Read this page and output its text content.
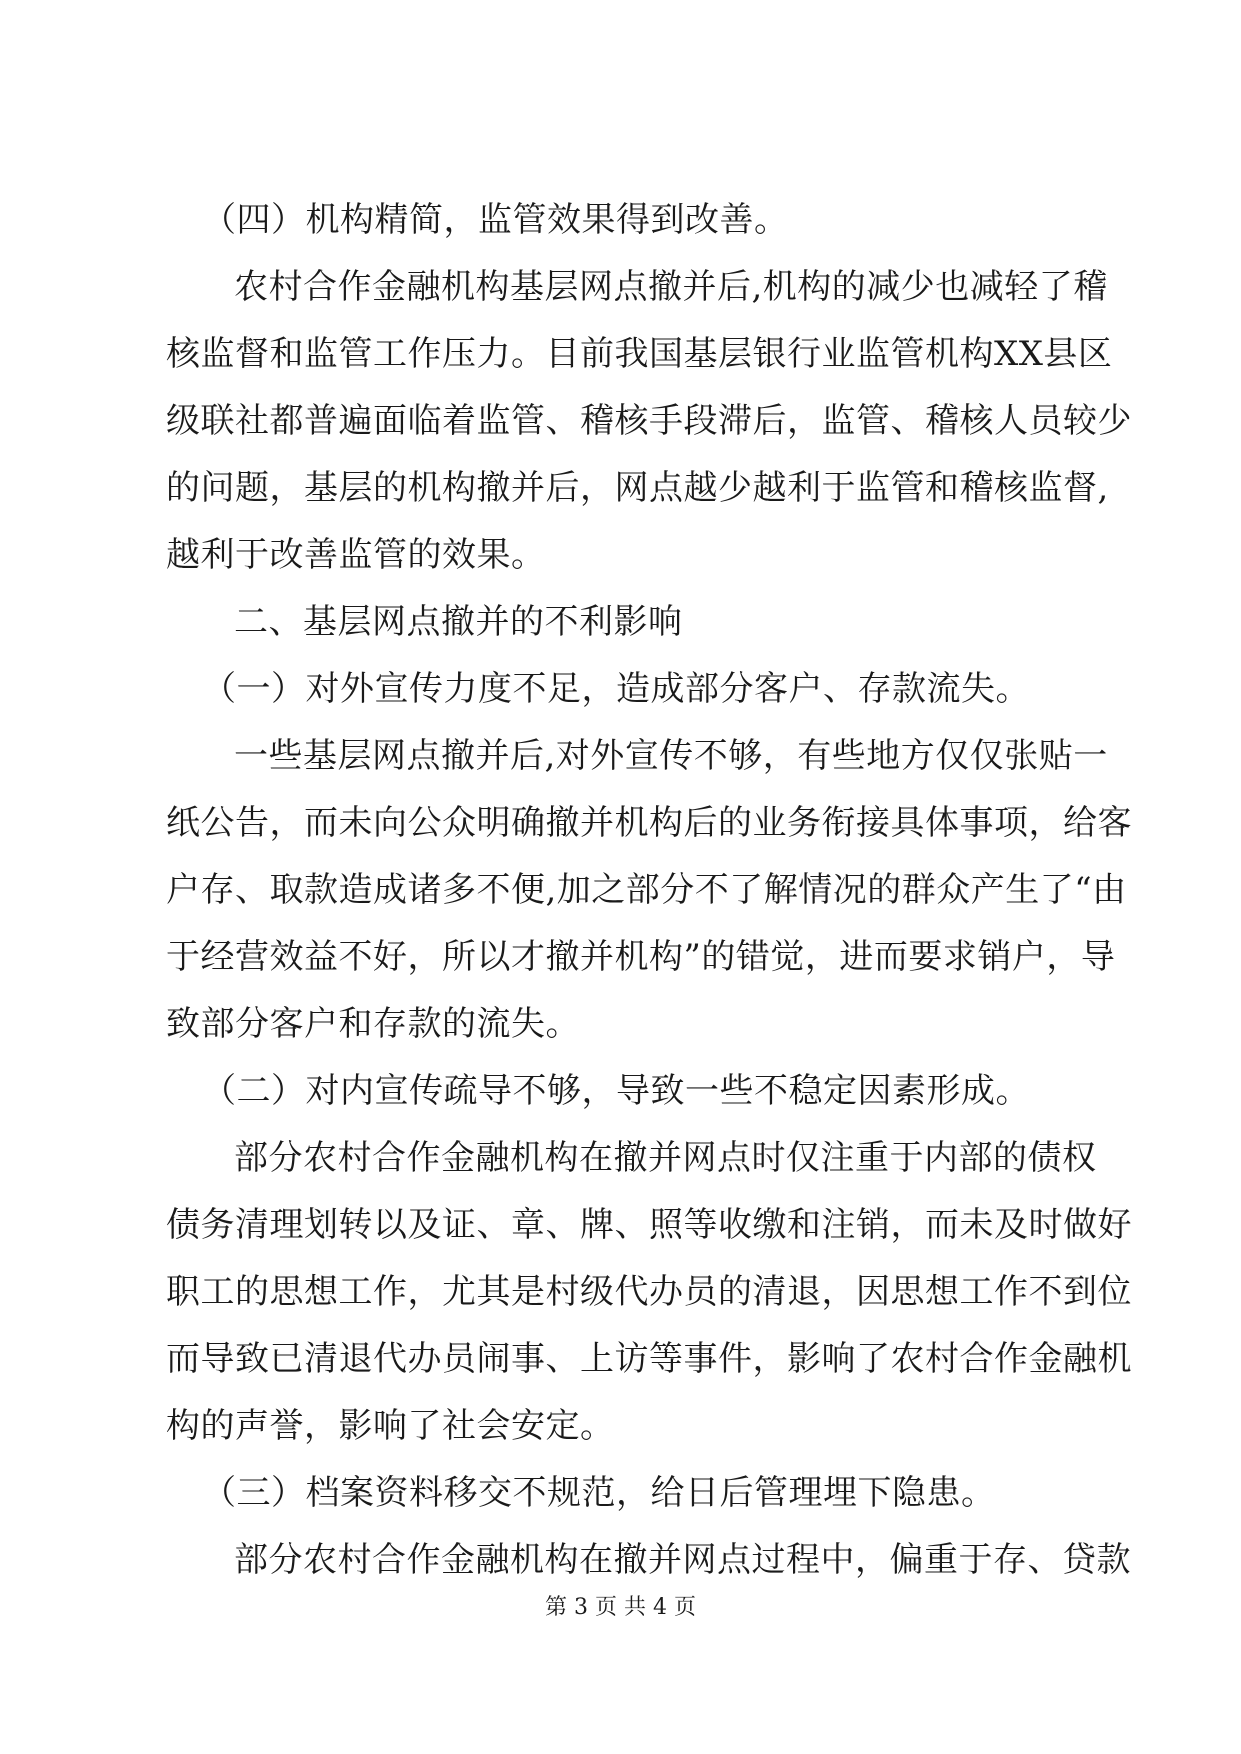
（四）机构精简，监管效果得到改善。
农村合作金融机构基层网点撤并后,机构的减少也减轻了稽
核监督和监管工作压力。目前我国基层银行业监管机构XX县区
级联社都普遍面临着监管、稽核手段滞后，监管、稽核人员较少
的问题，基层的机构撤并后，网点越少越利于监管和稽核监督,
越利于改善监管的效果。
二、基层网点撤并的不利影响
（一）对外宣传力度不足，造成部分客户、存款流失。
一些基层网点撤并后,对外宣传不够，有些地方仅仅张贴一
纸公告，而未向公众明确撤并机构后的业务衔接具体事项，给客
户存、取款造成诸多不便,加之部分不了解情况的群众产生了“由
于经营效益不好，所以才撤并机构”的错觉，进而要求销户，导
致部分客户和存款的流失。
（二）对内宣传疏导不够，导致一些不稳定因素形成。
部分农村合作金融机构在撤并网点时仅注重于内部的债权
债务清理划转以及证、章、牌、照等收缴和注销，而未及时做好
职工的思想工作，尤其是村级代办员的清退，因思想工作不到位
而导致已清退代办员闹事、上访等事件，影响了农村合作金融机
构的声誉，影响了社会安定。
（三）档案资料移交不规范，给日后管理埋下隐患。
部分农村合作金融机构在撤并网点过程中，偏重于存、贷款
第 3 页 共 4 页
